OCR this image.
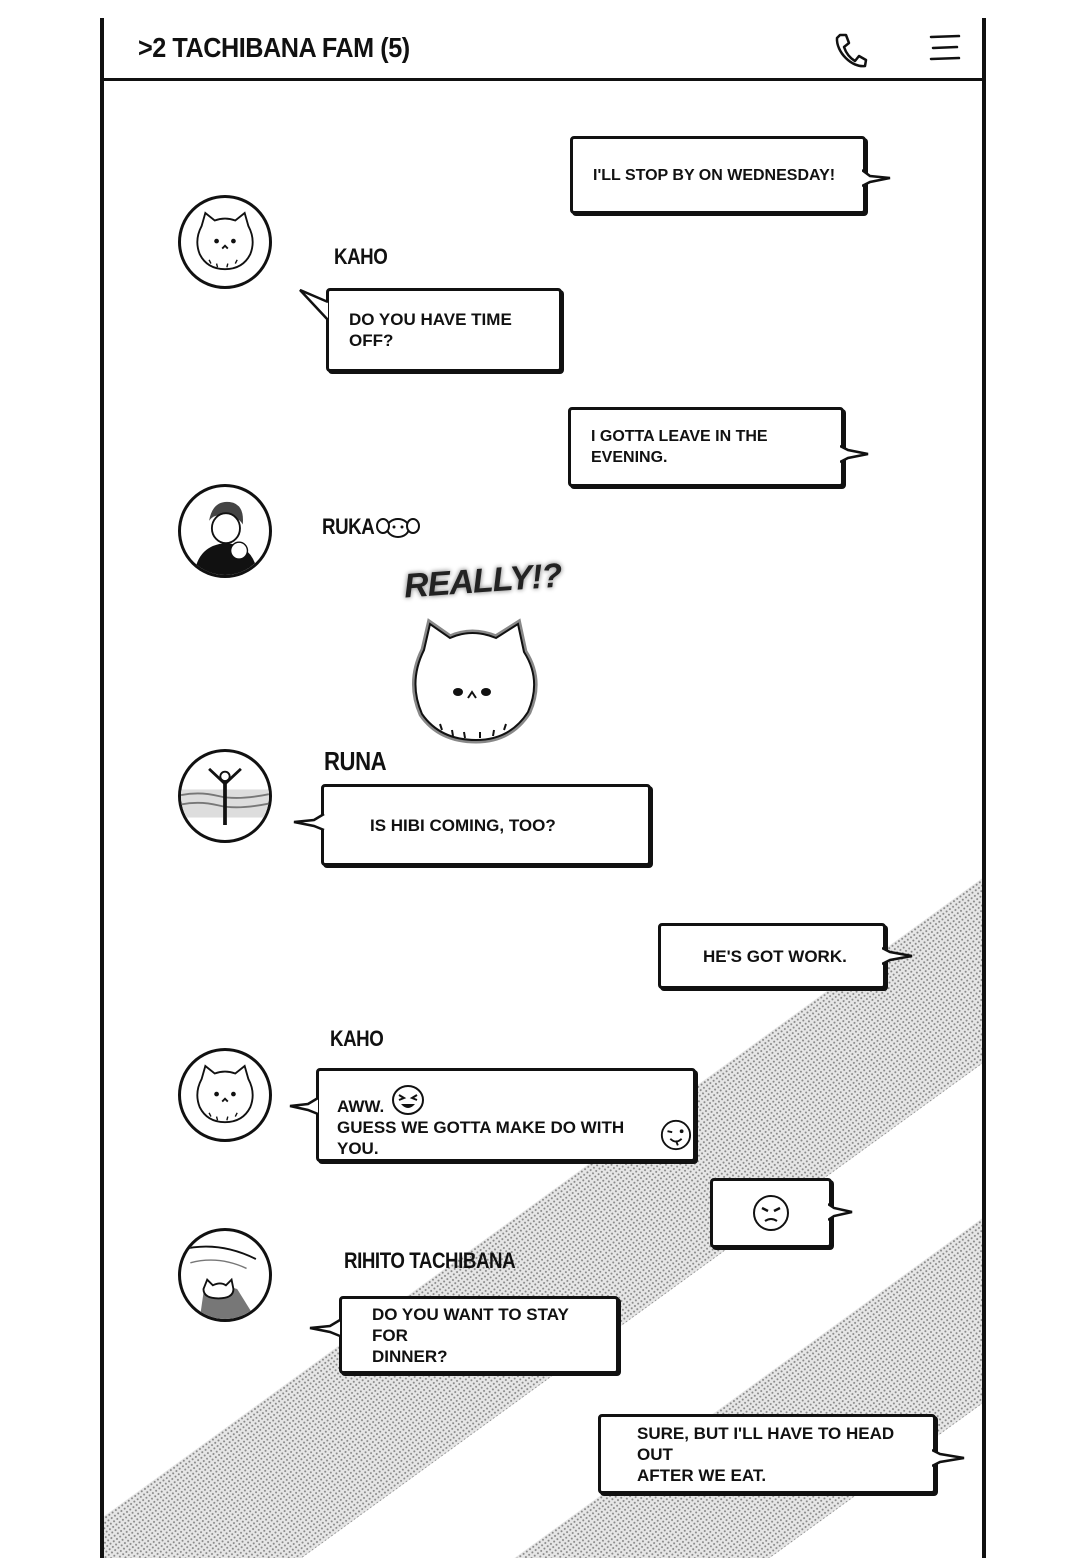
>2 TACHIBANA FAM (5)
I'LL STOP BY ON WEDNESDAY!
KAHO
DO YOU HAVE TIME OFF?
I GOTTA LEAVE IN THE EVENING.
RUKA
REALLY!?
RUNA
IS HIBI COMING, TOO?
HE'S GOT WORK.
KAHO
AWW.
GUESS WE GOTTA MAKE DO WITH YOU.
RIHITO TACHIBANA
DO YOU WANT TO STAY FOR
DINNER?
SURE, BUT I'LL HAVE TO HEAD OUT
AFTER WE EAT.
